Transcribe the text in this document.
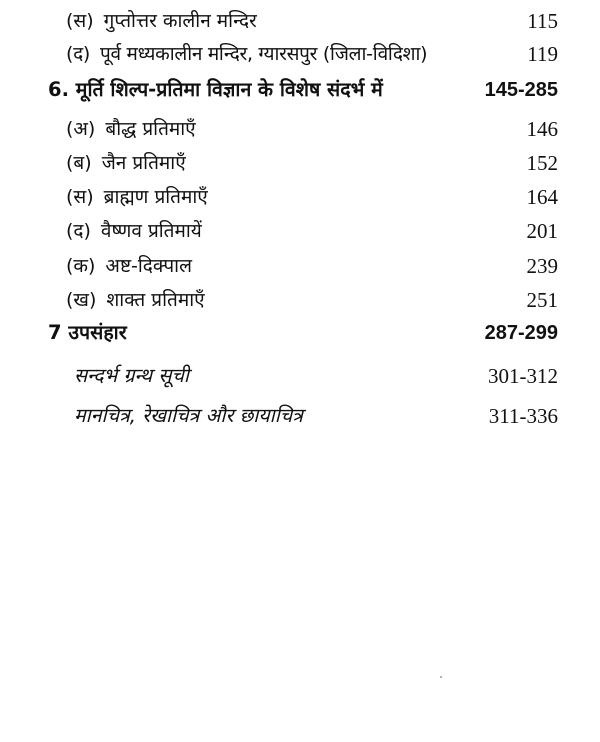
(स) गुप्तोत्तर कालीन मन्दिर	115
(द) पूर्व मध्यकालीन मन्दिर, ग्यारसपुर (जिला-विदिशा)	119
6. मूर्ति शिल्प-प्रतिमा विज्ञान के विशेष संदर्भ में	145-285
(अ) बौद्ध प्रतिमाएँ	146
(ब) जैन प्रतिमाएँ	152
(स) ब्राह्मण प्रतिमाएँ	164
(द) वैष्णव प्रतिमायें	201
(क) अष्ट-दिक्पाल	239
(ख) शाक्त प्रतिमाएँ	251
7 उपसंहार	287-299
सन्दर्भ ग्रन्थ सूची	301-312
मानचित्र, रेखाचित्र और छायाचित्र	311-336
